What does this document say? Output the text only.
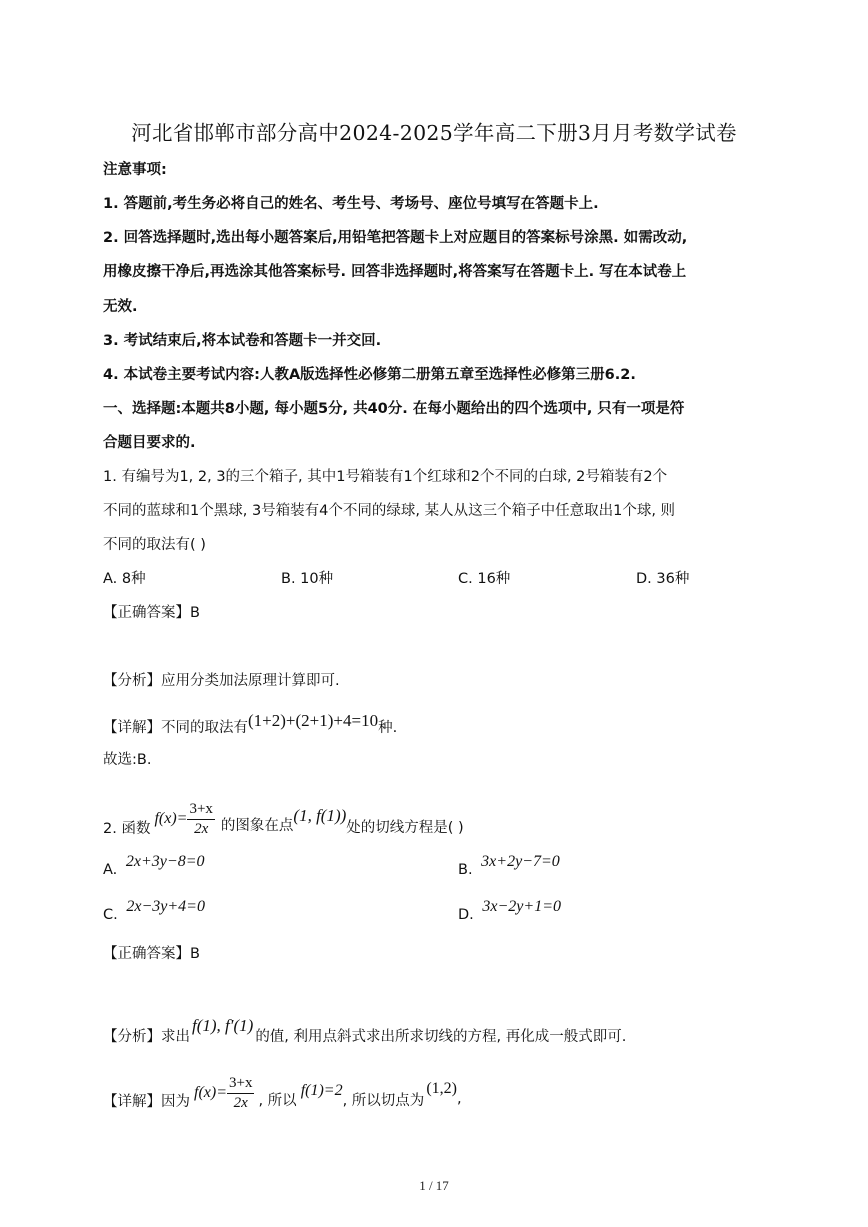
河北省邯郸市部分高中2024-2025学年高二下册3月月考数学试卷
注意事项:
1. 答题前,考生务必将自己的姓名、考生号、考场号、座位号填写在答题卡上.
2. 回答选择题时,选出每小题答案后,用铅笔把答题卡上对应题目的答案标号涂黑. 如需改动,
用橡皮擦干净后,再选涂其他答案标号. 回答非选择题时,将答案写在答题卡上. 写在本试卷上
无效.
3. 考试结束后,将本试卷和答题卡一并交回.
4. 本试卷主要考试内容:人教A版选择性必修第二册第五章至选择性必修第三册6.2.
一、选择题:本题共8小题, 每小题5分, 共40分. 在每小题给出的四个选项中, 只有一项是符
合题目要求的.
1. 有编号为1, 2, 3的三个箱子, 其中1号箱装有1个红球和2个不同的白球, 2号箱装有2个
不同的蓝球和1个黑球, 3号箱装有4个不同的绿球, 某人从这三个箱子中任意取出1个球, 则
不同的取法有( )
A. 8种	B. 10种	C. 16种	D. 36种
【正确答案】B
【分析】应用分类加法原理计算即可.
【详解】不同的取法有(1+2)+(2+1)+4=10种.
故选:B.
2. 函数
$f(x)= \frac{3+x}{2x}$ 的图象在点
(1, f(1))
处的切线方程是( )
A. 2x+3y−8=0	B. 3x+2y−7=0
C. 2x−3y+4=0	D. 3x−2y+1=0
【正确答案】B
【分析】求出f(1), f′(1)的值, 利用点斜式求出所求切线的方程, 再化成一般式即可.
【详解】因为
$f(x)= \frac{3+x}{2x}$ , 所以
f(1)=2
, 所以切点为
(1,2)
,
1 / 17
